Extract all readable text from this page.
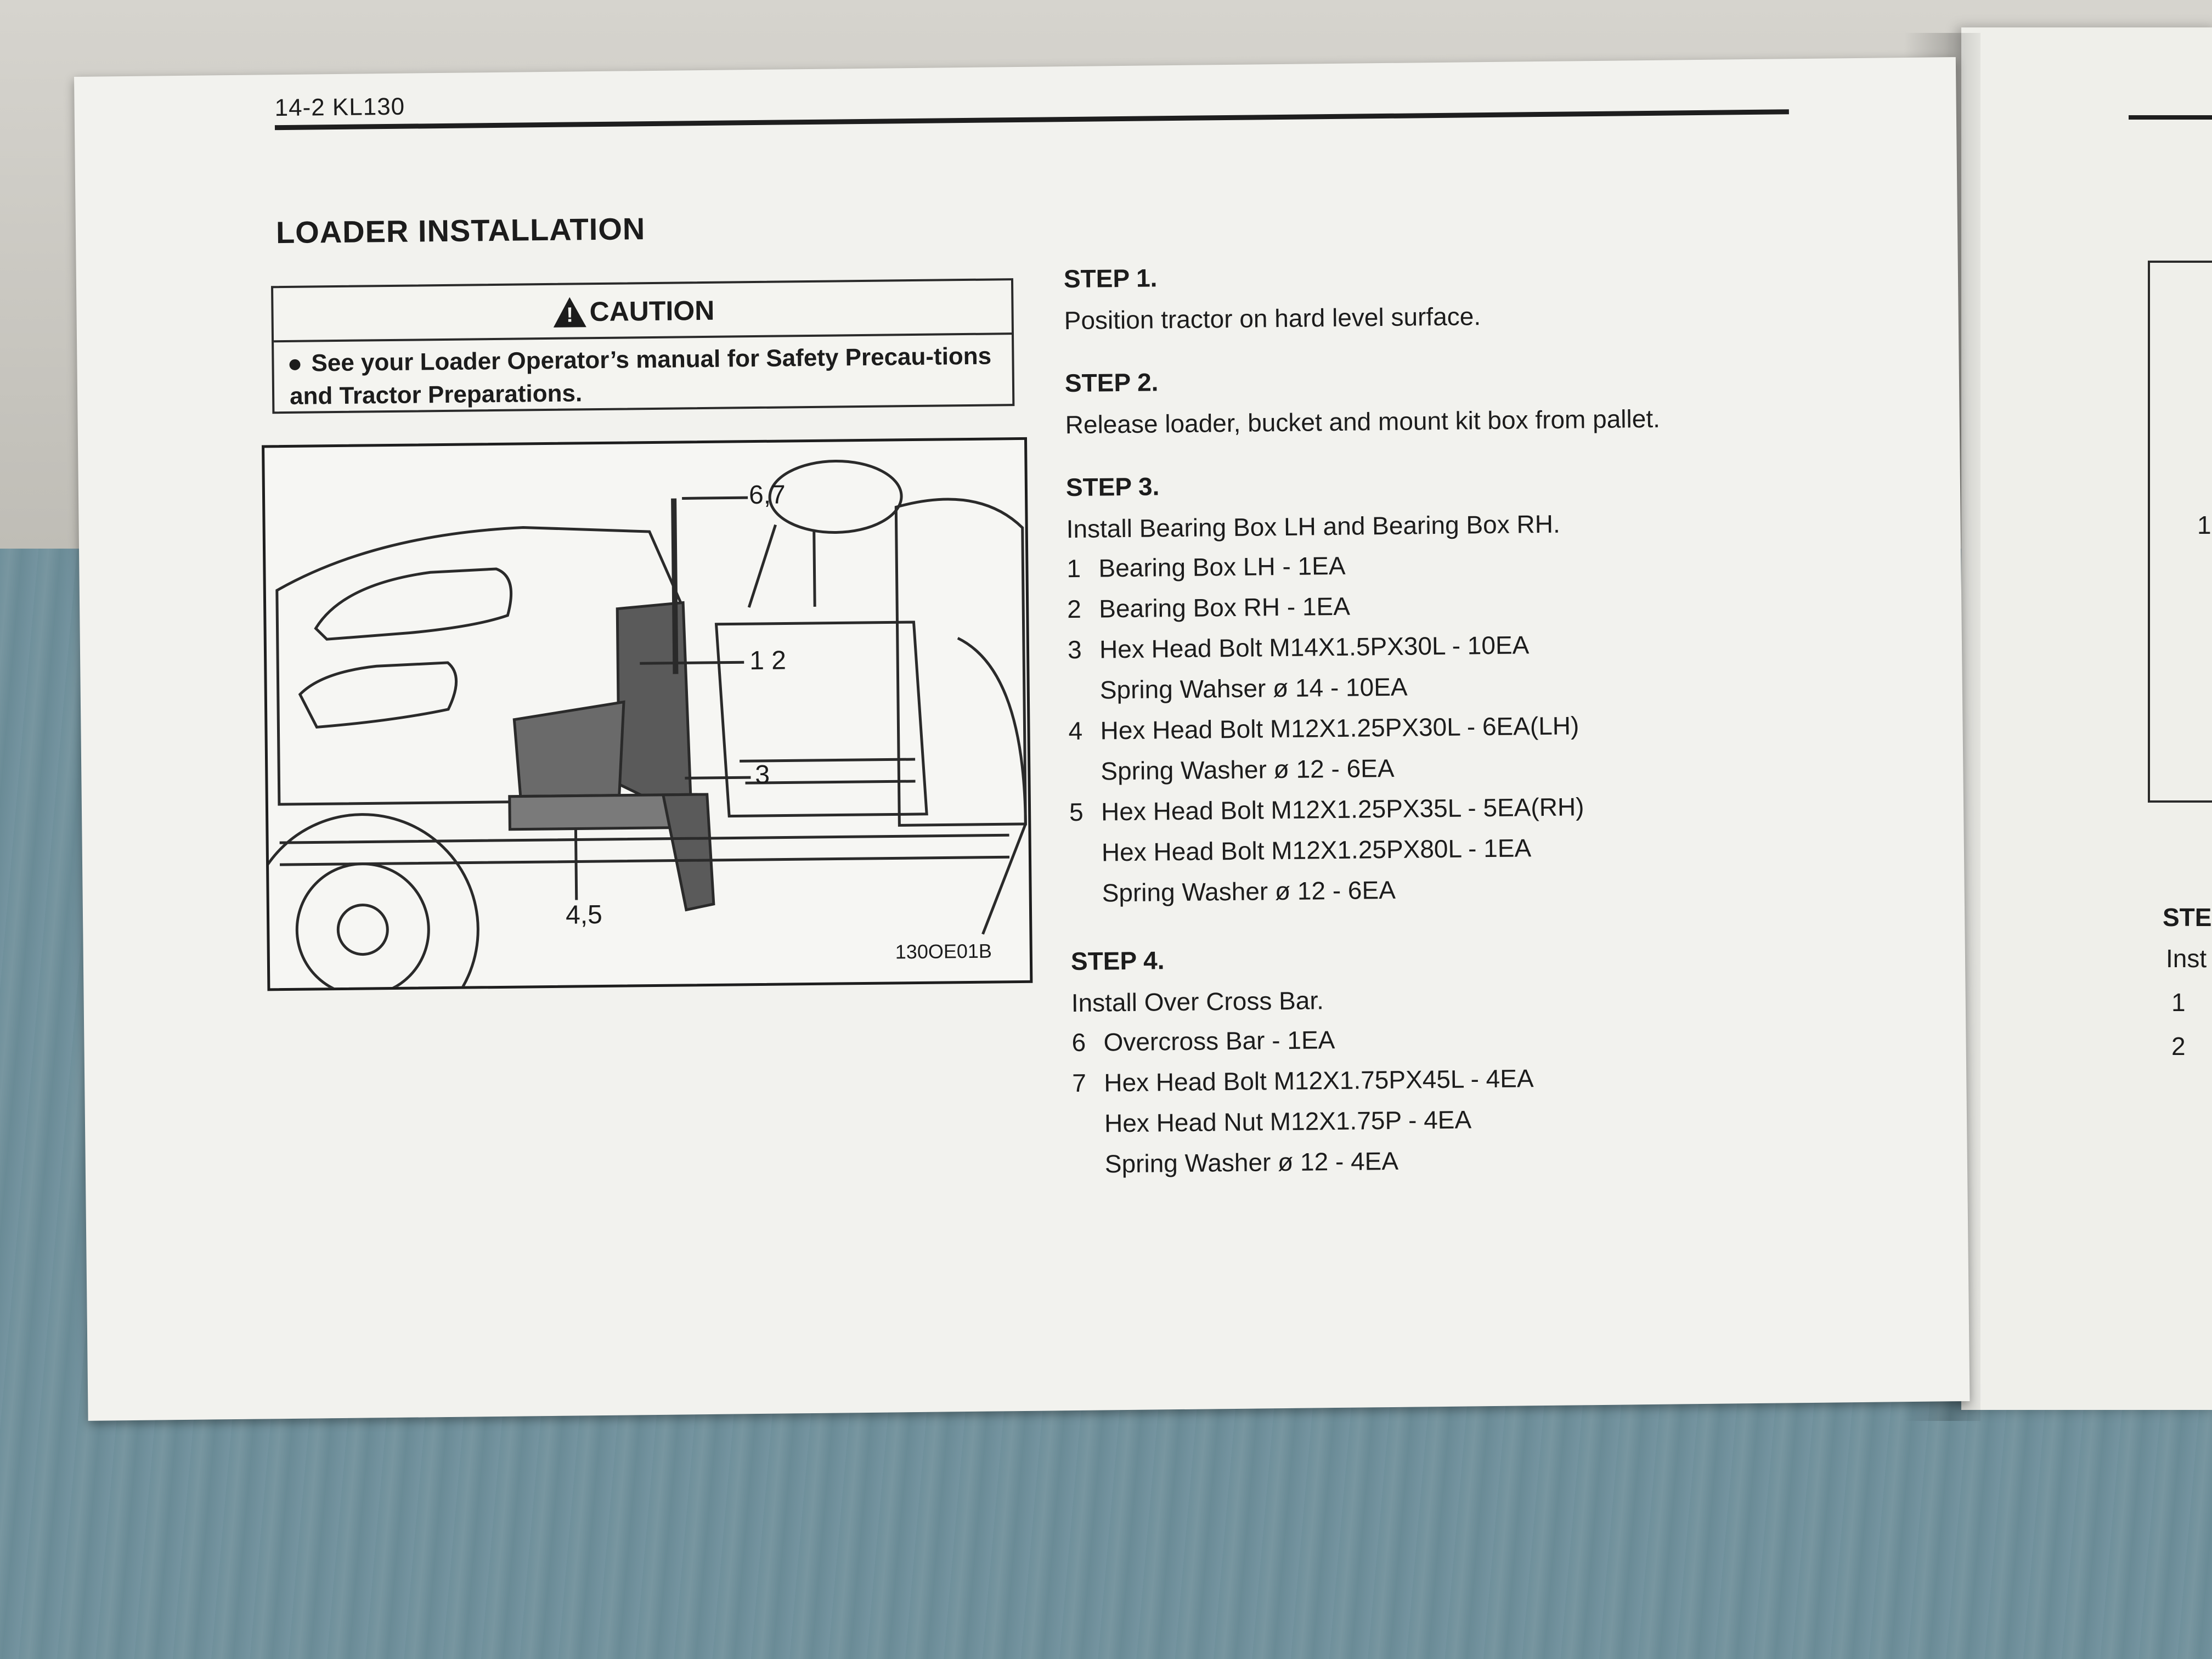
1
STE
Inst
1
2
14-2 KL130
LOADER INSTALLATION
! CAUTION
See your Loader Operator’s manual for Safety Precau-tions and Tractor Preparations.
6,7
1 2
3
4,5
130OE01B
STEP 1.
Position tractor on hard level surface.
STEP 2.
Release loader, bucket and mount kit box from pallet.
STEP 3.
Install Bearing Box LH and Bearing Box RH.
1 Bearing Box LH - 1EA
2 Bearing Box RH - 1EA
3 Hex Head Bolt M14X1.5PX30L - 10EA
Spring Wahser ø 14 - 10EA
4 Hex Head Bolt M12X1.25PX30L - 6EA(LH)
Spring Washer ø 12 - 6EA
5 Hex Head Bolt M12X1.25PX35L - 5EA(RH)
Hex Head Bolt M12X1.25PX80L - 1EA
Spring Washer ø 12 - 6EA
STEP 4.
Install Over Cross Bar.
6 Overcross Bar - 1EA
7 Hex Head Bolt M12X1.75PX45L - 4EA
Hex Head Nut M12X1.75P - 4EA
Spring Washer ø 12 - 4EA
